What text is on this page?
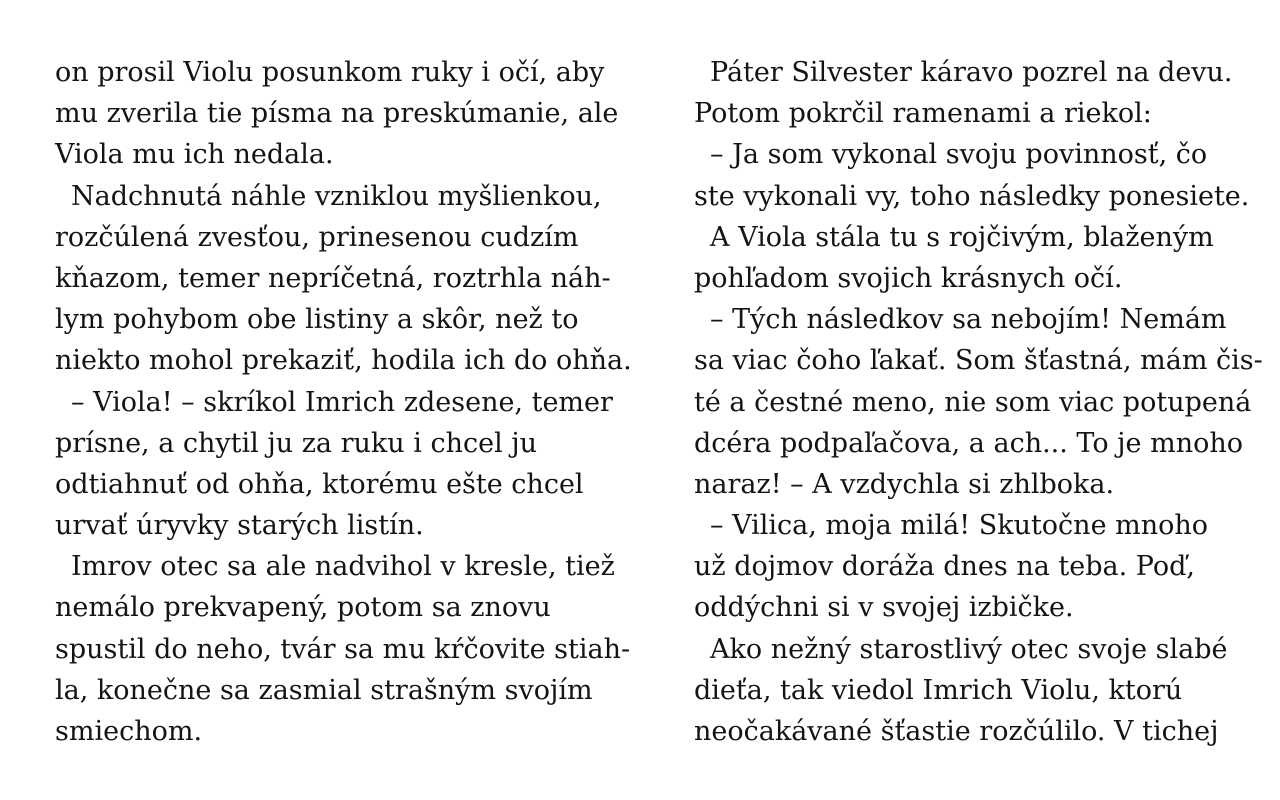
on prosil Violu posunkom ruky i očí, aby
mu zverila tie písma na preskúmanie, ale
Viola mu ich nedala.
Nadchnutá náhle vzniklou myšlienkou,
rozčúlená zvesťou, prinesenou cudzím
kňazom, temer nepríčetná, roztrhla náh-
lym pohybom obe listiny a skôr, než to
niekto mohol prekaziť, hodila ich do ohňa.
– Viola! – skríkol Imrich zdesene, temer
prísne, a chytil ju za ruku i chcel ju
odtiahnuť od ohňa, ktorému ešte chcel
urvať úryvky starých listín.
Imrov otec sa ale nadvihol v kresle, tiež
nemálo prekvapený, potom sa znovu
spustil do neho, tvár sa mu kŕčovite stiah-
la, konečne sa zasmial strašným svojím
smiechom.
Páter Silvester káravo pozrel na devu.
Potom pokrčil ramenami a riekol:
– Ja som vykonal svoju povinnosť, čo
ste vykonali vy, toho následky ponesiete.
A Viola stála tu s rojčivým, blaženým
pohľadom svojich krásnych očí.
– Tých následkov sa nebojím! Nemám
sa viac čoho ľakať. Som šťastná, mám čis-
té a čestné meno, nie som viac potupená
dcéra podpaľačova, a ach... To je mnoho
naraz! – A vzdychla si zhlboka.
– Vilica, moja milá! Skutočne mnoho
už dojmov doráža dnes na teba. Poď,
oddýchni si v svojej izbičke.
Ako nežný starostlivý otec svoje slabé
dieťa, tak viedol Imrich Violu, ktorú
neočakávané šťastie rozčúlilo. V tichej
